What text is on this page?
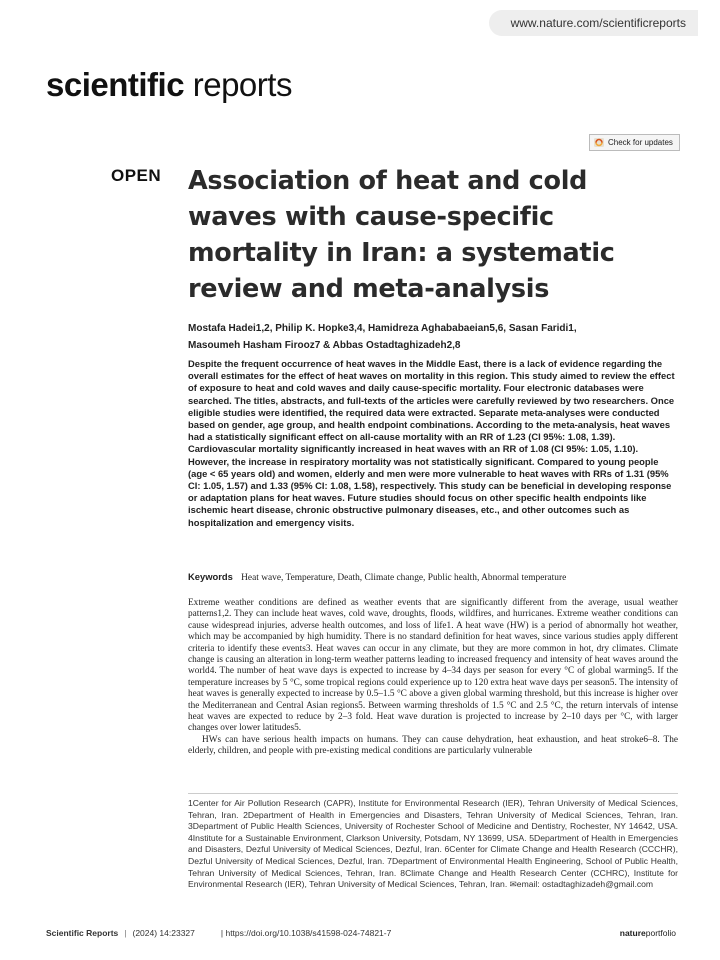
www.nature.com/scientificreports
scientific reports
Check for updates
OPEN Association of heat and cold waves with cause-specific mortality in Iran: a systematic review and meta-analysis
Mostafa Hadei1,2, Philip K. Hopke3,4, Hamidreza Aghababaeian5,6, Sasan Faridi1,
Masoumeh Hasham Firooz7 & Abbas Ostadtaghizadeh2,8

Despite the frequent occurrence of heat waves in the Middle East, there is a lack of evidence regarding the overall estimates for the effect of heat waves on mortality in this region. This study aimed to review the effect of exposure to heat and cold waves and daily cause-specific mortality. Four electronic databases were searched. The titles, abstracts, and full-texts of the articles were carefully reviewed by two researchers. Once eligible studies were identified, the required data were extracted. Separate meta-analyses were conducted based on gender, age group, and health endpoint combinations. According to the meta-analysis, heat waves had a statistically significant effect on all-cause mortality with an RR of 1.23 (CI 95%: 1.08, 1.39). Cardiovascular mortality significantly increased in heat waves with an RR of 1.08 (CI 95%: 1.05, 1.10). However, the increase in respiratory mortality was not statistically significant. Compared to young people (age < 65 years old) and women, elderly and men were more vulnerable to heat waves with RRs of 1.31 (95% CI: 1.05, 1.57) and 1.33 (95% CI: 1.08, 1.58), respectively. This study can be beneficial in developing response or adaptation plans for heat waves. Future studies should focus on other specific health endpoints like ischemic heart disease, chronic obstructive pulmonary diseases, etc., and other outcomes such as hospitalization and emergency visits.

Keywords Heat wave, Temperature, Death, Climate change, Public health, Abnormal temperature

Extreme weather conditions are defined as weather events that are significantly different from the average, usual weather patterns1,2. They can include heat waves, cold wave, droughts, floods, wildfires, and hurricanes. Extreme weather conditions can cause widespread injuries, adverse health outcomes, and loss of life1. A heat wave (HW) is a period of abnormally hot weather, which may be accompanied by high humidity. There is no standard definition for heat waves, since various studies apply different criteria to identify these events3. Heat waves can occur in any climate, but they are more common in hot, dry climates. Climate change is causing an alteration in long-term weather patterns leading to increased frequency and intensity of heat waves around the world4. The number of heat wave days is expected to increase by 4–34 days per season for every °C of global warming5. If the temperature increases by 5 °C, some tropical regions could experience up to 120 extra heat wave days per season5. The intensity of heat waves is generally expected to increase by 0.5–1.5 °C above a given global warming threshold, but this increase is higher over the Mediterranean and Central Asian regions5. Between warming thresholds of 1.5 °C and 2.5 °C, the return intervals of intense heat waves are expected to reduce by 2–3 fold. Heat wave duration is projected to increase by 2–10 days per °C, with larger changes over lower latitudes5.

HWs can have serious health impacts on humans. They can cause dehydration, heat exhaustion, and heat stroke6–8. The elderly, children, and people with pre-existing medical conditions are particularly vulnerable

1Center for Air Pollution Research (CAPR), Institute for Environmental Research (IER), Tehran University of Medical Sciences, Tehran, Iran. 2Department of Health in Emergencies and Disasters, Tehran University of Medical Sciences, Tehran, Iran. 3Department of Public Health Sciences, University of Rochester School of Medicine and Dentistry, Rochester, NY 14642, USA. 4Institute for a Sustainable Environment, Clarkson University, Potsdam, NY 13699, USA. 5Department of Health in Emergencies and Disasters, Dezful University of Medical Sciences, Dezful, Iran. 6Center for Climate Change and Health Research (CCCHR), Dezful University of Medical Sciences, Dezful, Iran. 7Department of Environmental Health Engineering, School of Public Health, Tehran University of Medical Sciences, Tehran, Iran. 8Climate Change and Health Research Center (CCHRC), Institute for Environmental Research (IER), Tehran University of Medical Sciences, Tehran, Iran. ✉email: ostadtaghizadeh@gmail.com

Scientific Reports | (2024) 14:23327	| https://doi.org/10.1038/s41598-024-74821-7	natureportfolio
